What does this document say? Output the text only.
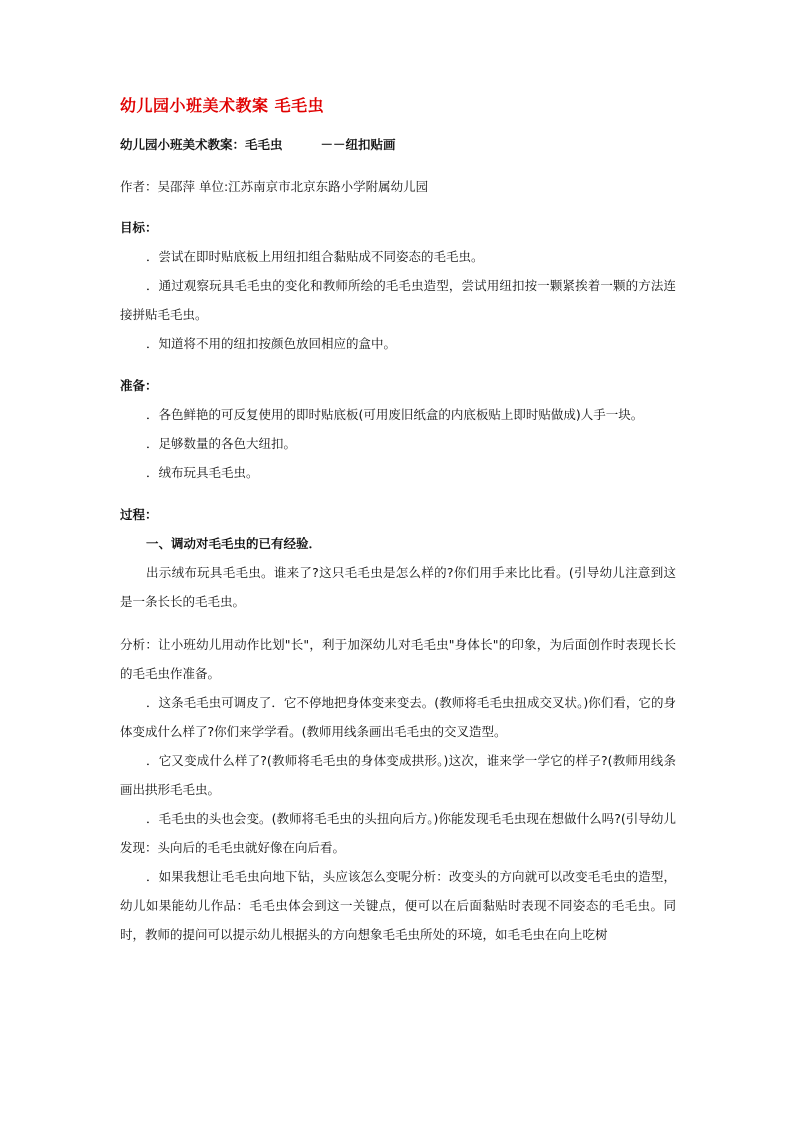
幼儿园小班美术教案 毛毛虫

幼儿园小班美术教案：毛毛虫	－－纽扣贴画

作者：吴邵萍 单位:江苏南京市北京东路小学附属幼儿园

目标：

．尝试在即时贴底板上用纽扣组合黏贴成不同姿态的毛毛虫。

．通过观察玩具毛毛虫的变化和教师所绘的毛毛虫造型，尝试用纽扣按一颗紧挨着一颗的方法连接拼贴毛毛虫。

．知道将不用的纽扣按颜色放回相应的盒中。

准备：

．各色鲜艳的可反复使用的即时贴底板(可用废旧纸盒的内底板贴上即时贴做成)人手一块。

．足够数量的各色大纽扣。

．绒布玩具毛毛虫。

过程：

一、调动对毛毛虫的已有经验．

出示绒布玩具毛毛虫。谁来了?这只毛毛虫是怎么样的?你们用手来比比看。(引导幼儿注意到这是一条长长的毛毛虫。

分析：让小班幼儿用动作比划"长"，利于加深幼儿对毛毛虫"身体长"的印象，为后面创作时表现长长的毛毛虫作准备。

．这条毛毛虫可调皮了．它不停地把身体变来变去。(教师将毛毛虫扭成交叉状。)你们看，它的身体变成什么样了?你们来学学看。(教师用线条画出毛毛虫的交叉造型。

．它又变成什么样了?(教师将毛毛虫的身体变成拱形。)这次，谁来学一学它的样子?(教师用线条画出拱形毛毛虫。

．毛毛虫的头也会变。(教师将毛毛虫的头扭向后方。)你能发现毛毛虫现在想做什么吗?(引导幼儿发现：头向后的毛毛虫就好像在向后看。

．如果我想让毛毛虫向地下钻，头应该怎么变呢分析：改变头的方向就可以改变毛毛虫的造型，幼儿如果能幼儿作品：毛毛虫体会到这一关键点，便可以在后面黏贴时表现不同姿态的毛毛虫。同时，教师的提问可以提示幼儿根据头的方向想象毛毛虫所处的环境，如毛毛虫在向上吃树
